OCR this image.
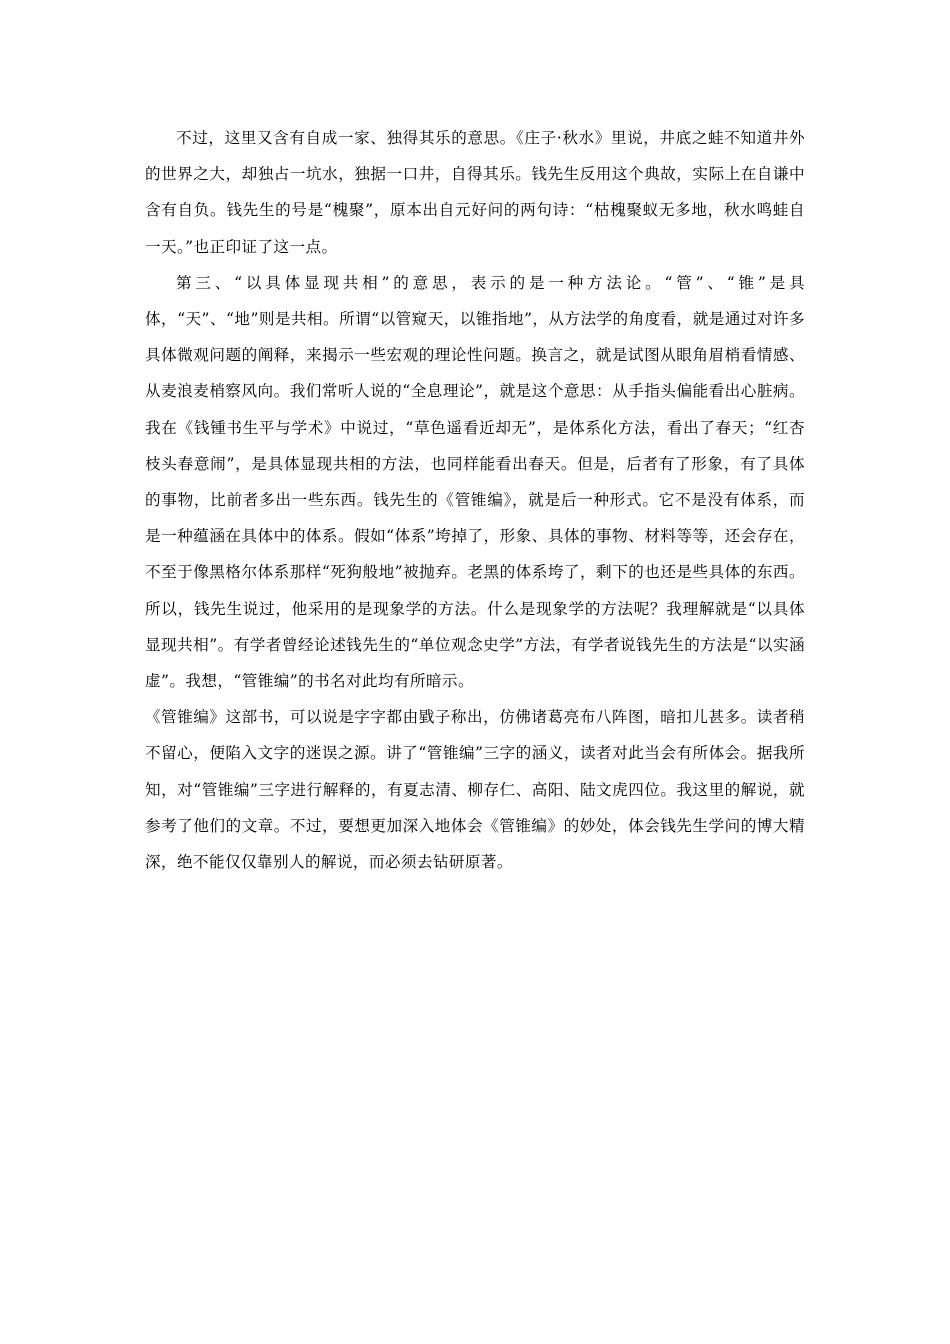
不过，这里又含有自成一家、独得其乐的意思。《庄子·秋水》里说，井底之蛙不知道井外的世界之大，却独占一坑水，独据一口井，自得其乐。钱先生反用这个典故，实际上在自谦中含有自负。钱先生的号是“槐聚”，原本出自元好问的两句诗：“枯槐聚蚁无多地，秋水鸣蛙自一天。”也正印证了这一点。

第三、“以具体显现共相”的意思，表示的是一种方法论。“管”、“锥”是具体，“天”、“地”则是共相。所谓“以管窥天，以锥指地”，从方法学的角度看，就是通过对许多具体微观问题的阐释，来揭示一些宏观的理论性问题。换言之，就是试图从眼角眉梢看情感、从麦浪麦梢察风向。我们常听人说的“全息理论”，就是这个意思：从手指头偏能看出心脏病。我在《钱锺书生平与学术》中说过，“草色遥看近却无”，是体系化方法，看出了春天；“红杏枝头春意闹”，是具体显现共相的方法，也同样能看出春天。但是，后者有了形象，有了具体的事物，比前者多出一些东西。钱先生的《管锥编》，就是后一种形式。它不是没有体系，而是一种蕴涵在具体中的体系。假如“体系”垮掉了，形象、具体的事物、材料等等，还会存在，不至于像黑格尔体系那样“死狗般地”被抛弃。老黑的体系垮了，剩下的也还是些具体的东西。所以，钱先生说过，他采用的是现象学的方法。什么是现象学的方法呢？我理解就是“以具体显现共相”。有学者曾经论述钱先生的“单位观念史学”方法，有学者说钱先生的方法是“以实涵虚”。我想，“管锥编”的书名对此均有所暗示。

《管锥编》这部书，可以说是字字都由戥子称出，仿佛诸葛亮布八阵图，暗扣儿甚多。读者稍不留心，便陷入文字的迷误之源。讲了“管锥编”三字的涵义，读者对此当会有所体会。据我所知，对“管锥编”三字进行解释的，有夏志清、柳存仁、高阳、陆文虎四位。我这里的解说，就参考了他们的文章。不过，要想更加深入地体会《管锥编》的妙处，体会钱先生学问的博大精深，绝不能仅仅靠别人的解说，而必须去钻研原著。
